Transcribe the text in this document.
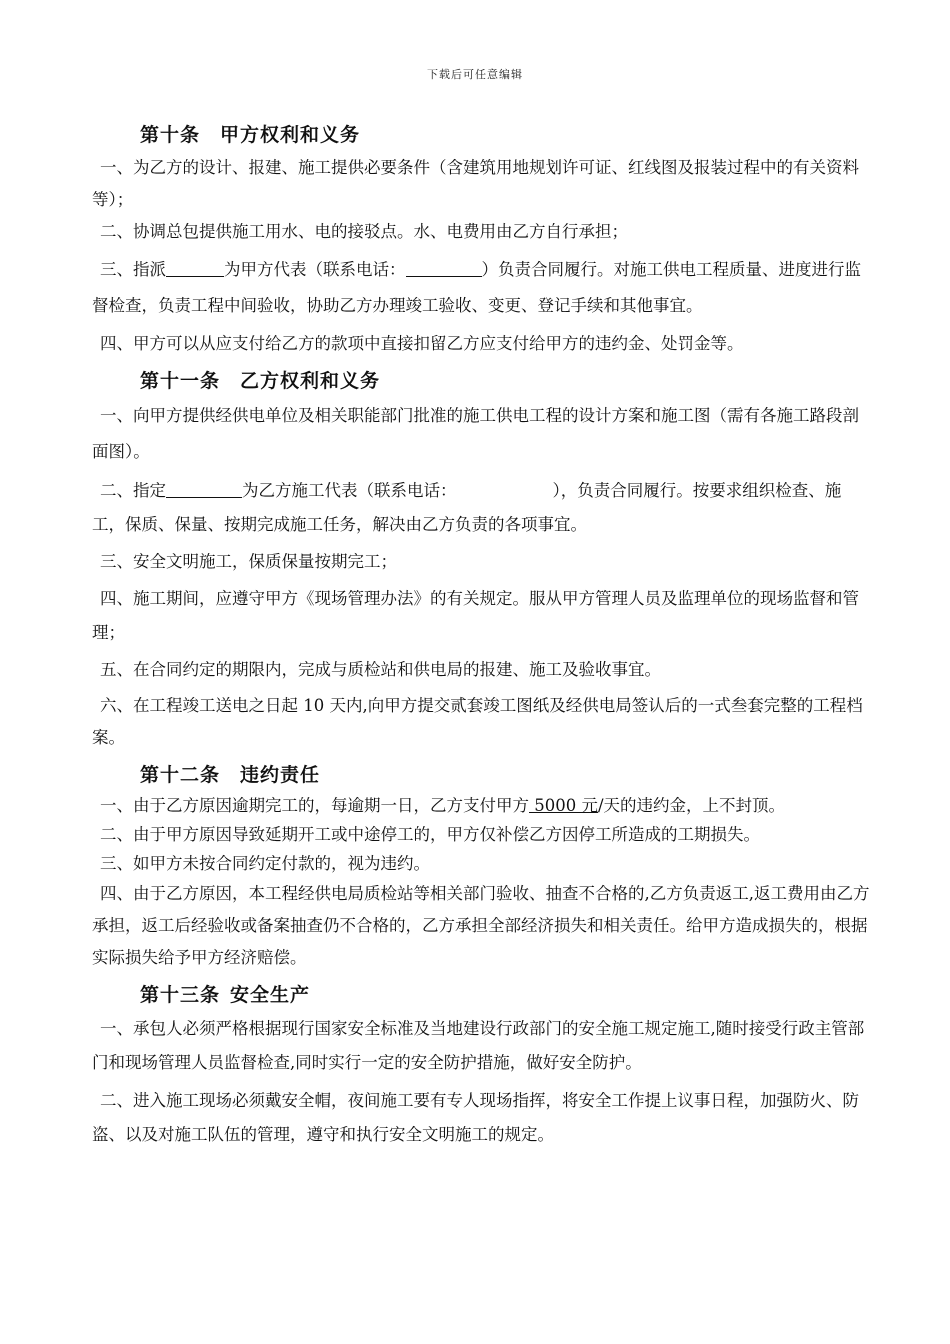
下载后可任意编辑
第十条 甲方权利和义务

一、为乙方的设计、报建、施工提供必要条件（含建筑用地规划许可证、红线图及报装过程中的有关资料等）；

二、协调总包提供施工用水、电的接驳点。水、电费用由乙方自行承担；

三、指派	为甲方代表（联系电话：	）负责合同履行。对施工供电工程质量、进度进行监督检查，负责工程中间验收，协助乙方办理竣工验收、变更、登记手续和其他事宜。

四、甲方可以从应支付给乙方的款项中直接扣留乙方应支付给甲方的违约金、处罚金等。

第十一条 乙方权利和义务

一、向甲方提供经供电单位及相关职能部门批准的施工供电工程的设计方案和施工图（需有各施工路段剖面图）。

二、指定	为乙方施工代表（联系电话：	），负责合同履行。按要求组织检查、施工，保质、保量、按期完成施工任务，解决由乙方负责的各项事宜。

三、安全文明施工，保质保量按期完工；

四、施工期间，应遵守甲方《现场管理办法》的有关规定。服从甲方管理人员及监理单位的现场监督和管理；

五、在合同约定的期限内，完成与质检站和供电局的报建、施工及验收事宜。

六、在工程竣工送电之日起 10 天内,向甲方提交贰套竣工图纸及经供电局签认后的一式叁套完整的工程档案。

第十二条 违约责任

一、由于乙方原因逾期完工的，每逾期一日，乙方支付甲方 5000 元/天的违约金，上不封顶。

二、由于甲方原因导致延期开工或中途停工的，甲方仅补偿乙方因停工所造成的工期损失。

三、如甲方未按合同约定付款的，视为违约。

四、由于乙方原因，本工程经供电局质检站等相关部门验收、抽查不合格的,乙方负责返工,返工费用由乙方承担，返工后经验收或备案抽查仍不合格的，乙方承担全部经济损失和相关责任。给甲方造成损失的，根据实际损失给予甲方经济赔偿。

第十三条 安全生产

一、承包人必须严格根据现行国家安全标准及当地建设行政部门的安全施工规定施工,随时接受行政主管部门和现场管理人员监督检查,同时实行一定的安全防护措施，做好安全防护。

二、进入施工现场必须戴安全帽，夜间施工要有专人现场指挥，将安全工作提上议事日程，加强防火、防盗、以及对施工队伍的管理，遵守和执行安全文明施工的规定。
